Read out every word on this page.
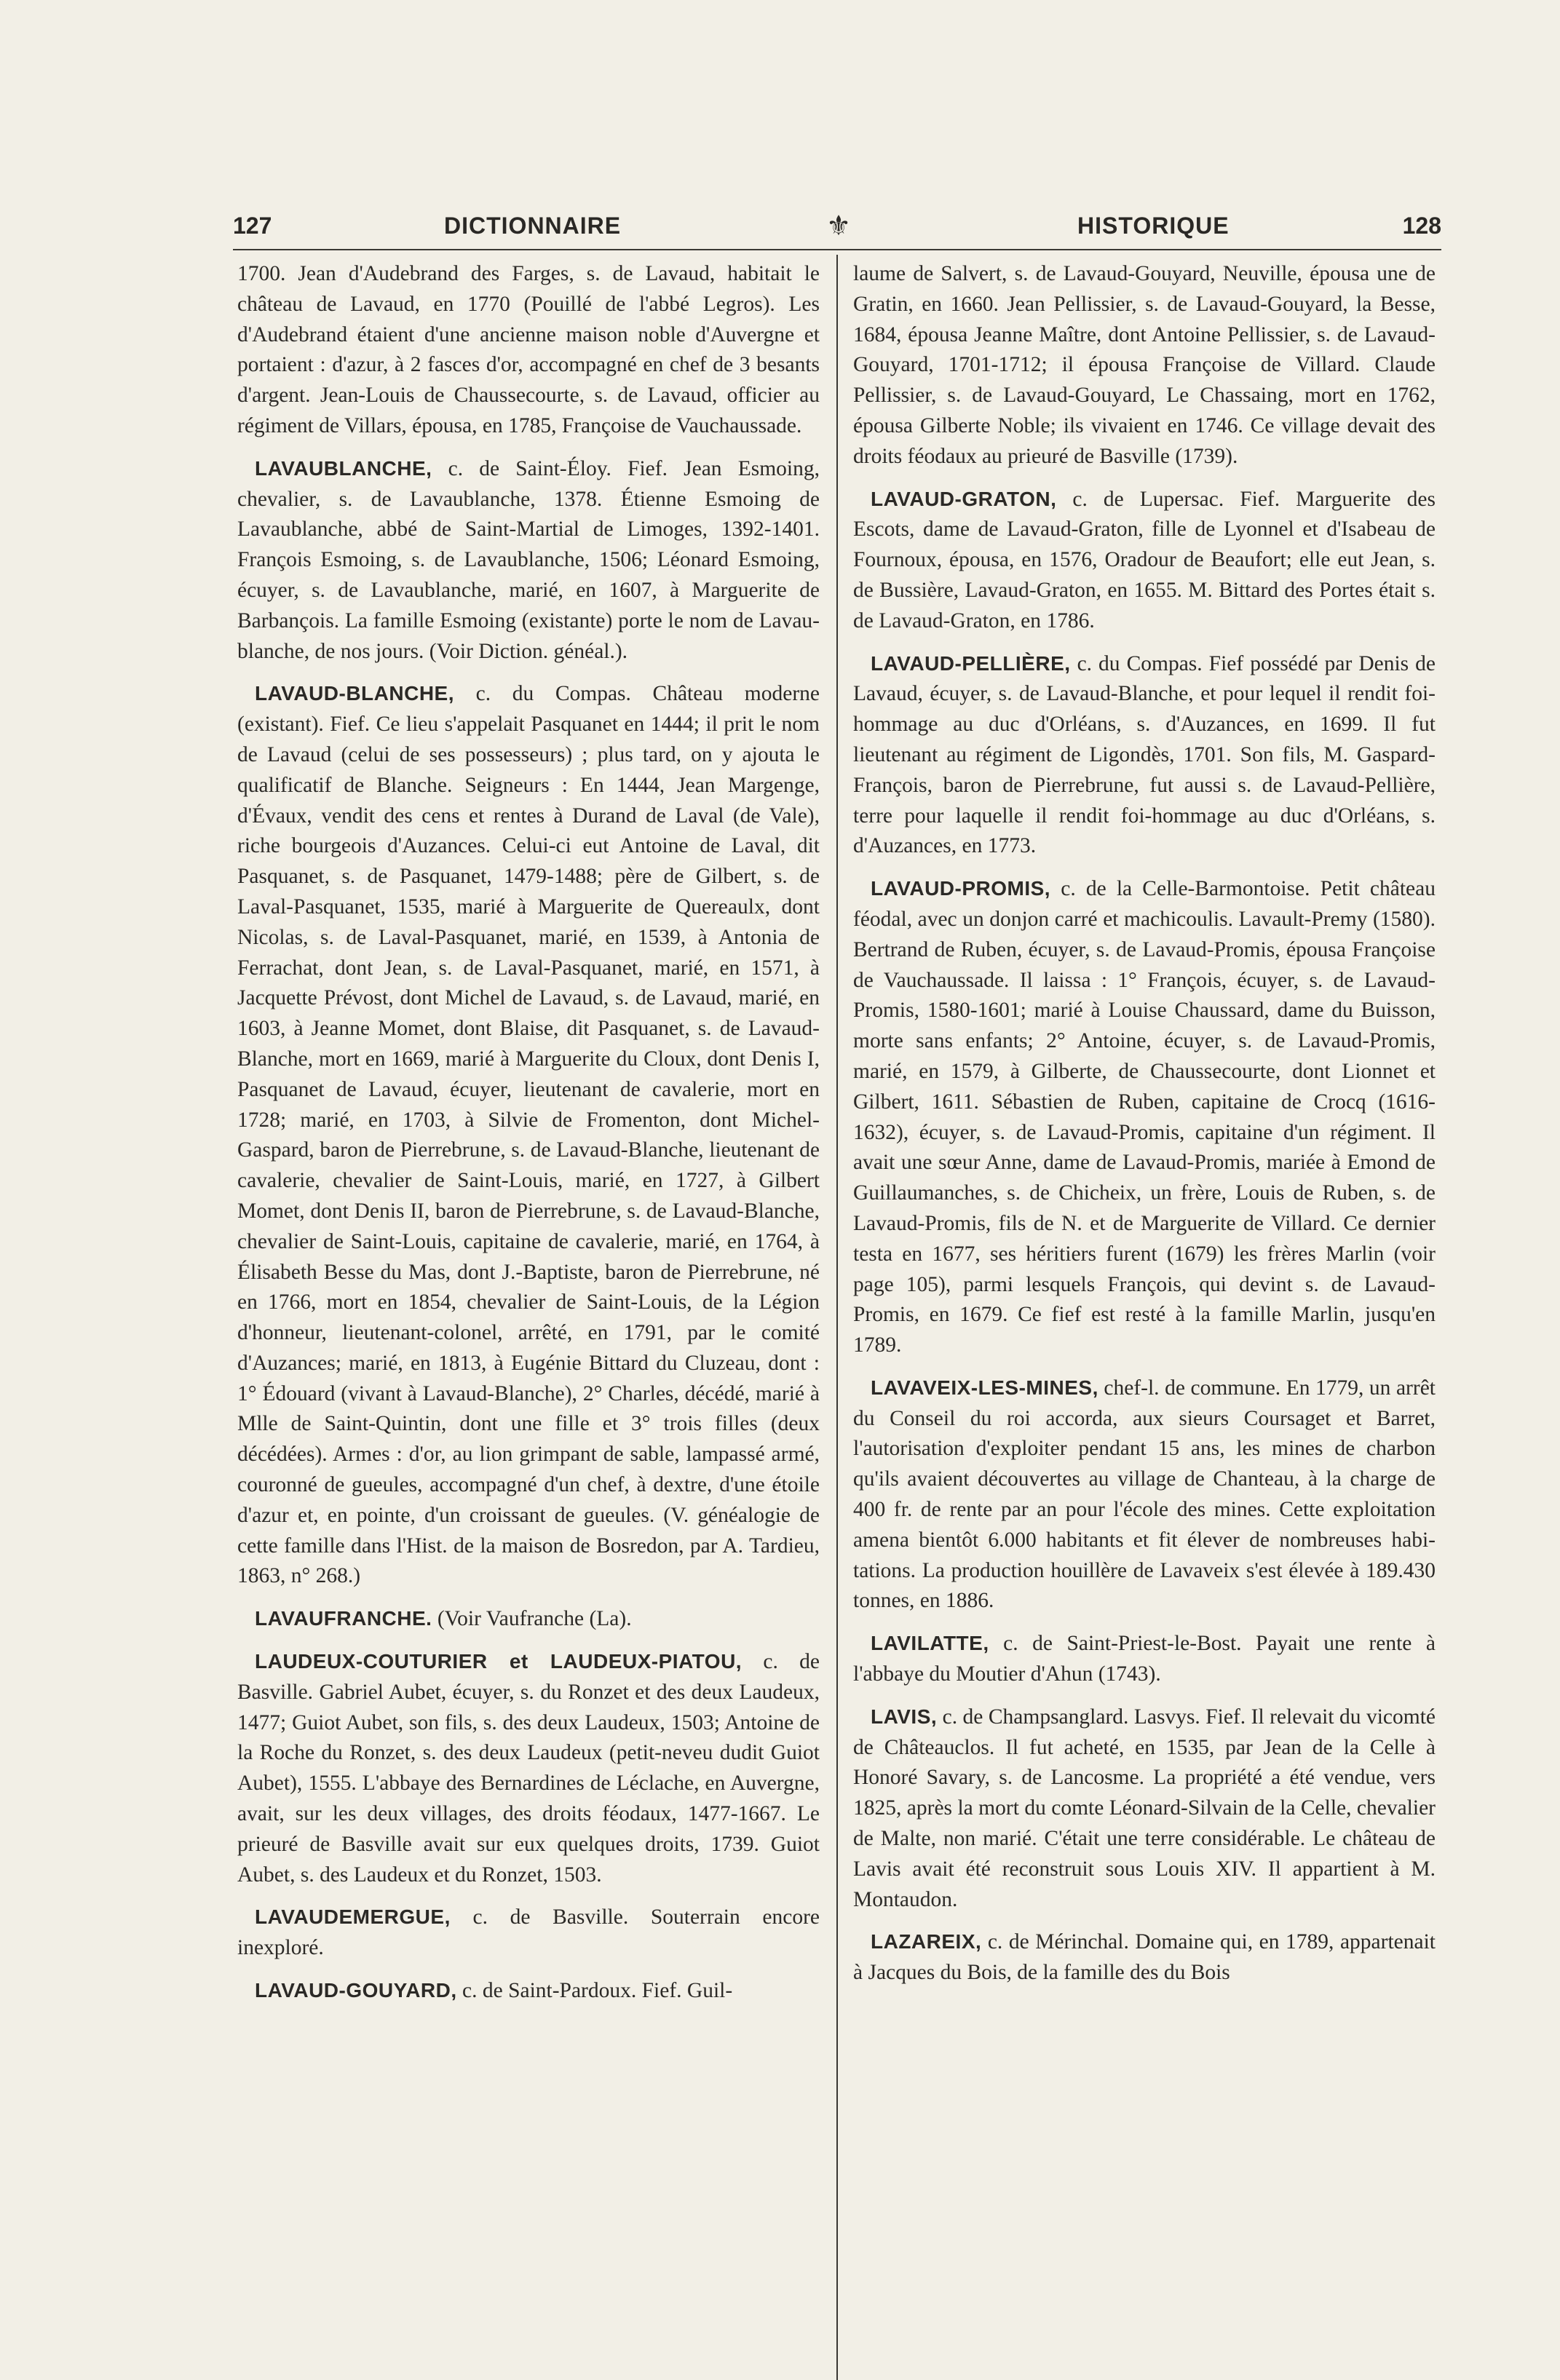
127	DICTIONNAIRE	⚜	HISTORIQUE	128

1700. Jean d'Audebrand des Farges, s. de Lavaud, habitait le château de Lavaud, en 1770 (Pouillé de l'abbé Legros). Les d'Audebrand étaient d'une ancienne maison noble d'Auvergne et portaient : d'azur, à 2 fasces d'or, accompagné en chef de 3 besants d'argent. Jean-Louis de Chaussecourte, s. de Lavaud, officier au régiment de Villars, épousa, en 1785, Françoise de Vauchaussade.

LAVAUBLANCHE, c. de Saint-Éloy. Fief. Jean Esmoing, chevalier, s. de Lavaublanche, 1378. Étienne Esmoing de Lavaublanche, abbé de Saint-Martial de Limoges, 1392-1401. François Esmoing, s. de Lavaublanche, 1506; Léonard Esmoing, écuyer, s. de Lavaublanche, marié, en 1607, à Marguerite de Barbançois. La famille Esmoing (existante) porte le nom de Lavaublanche, de nos jours. (Voir Diction. généal.).

LAVAUD-BLANCHE, c. du Compas. Château moderne (existant). Fief. Ce lieu s'appelait Pasquanet en 1444; il prit le nom de Lavaud (celui de ses possesseurs) ; plus tard, on y ajouta le qualificatif de Blanche. Seigneurs : En 1444, Jean Margenge, d'Évaux, vendit des cens et rentes à Durand de Laval (de Vale), riche bourgeois d'Auzances. Celui-ci eut Antoine de Laval, dit Pasquanet, s. de Pasquanet, 1479-1488; père de Gilbert, s. de Laval-Pasquanet, 1535, marié à Marguerite de Quereaulx, dont Nicolas, s. de Laval-Pasquanet, marié, en 1539, à Antonia de Ferrachat, dont Jean, s. de Laval-Pasquanet, marié, en 1571, à Jacquette Prévost, dont Michel de Lavaud, s. de Lavaud, marié, en 1603, à Jeanne Momet, dont Blaise, dit Pasquanet, s. de Lavaud-Blanche, mort en 1669, marié à Marguerite du Cloux, dont Denis I, Pasquanet de Lavaud, écuyer, lieutenant de cavalerie, mort en 1728; marié, en 1703, à Silvie de Fromenton, dont Michel-Gaspard, baron de Pierrebrune, s. de Lavaud-Blanche, lieutenant de cavalerie, chevalier de Saint-Louis, marié, en 1727, à Gilbert Momet, dont Denis II, baron de Pierrebrune, s. de Lavaud-Blanche, chevalier de Saint-Louis, capitaine de cavalerie, marié, en 1764, à Élisabeth Besse du Mas, dont J.-Baptiste, baron de Pierrebrune, né en 1766, mort en 1854, chevalier de Saint-Louis, de la Légion d'honneur, lieutenant-colonel, arrêté, en 1791, par le comité d'Auzances; marié, en 1813, à Eugénie Bittard du Cluzeau, dont : 1° Édouard (vivant à Lavaud-Blanche), 2° Charles, décédé, marié à Mlle de Saint-Quintin, dont une fille et 3° trois filles (deux décédées). Armes : d'or, au lion grimpant de sable, lampassé armé, couronné de gueules, accompagné d'un chef, à dextre, d'une étoile d'azur et, en pointe, d'un croissant de gueules. (V. généalogie de cette famille dans l'Hist. de la maison de Bosredon, par A. Tardieu, 1863, n° 268.)

LAVAUFRANCHE. (Voir Vaufranche (La).

LAUDEUX-COUTURIER et LAUDEUX-PIATOU, c. de Basville. Gabriel Aubet, écuyer, s. du Ronzet et des deux Laudeux, 1477; Guiot Aubet, son fils, s. des deux Laudeux, 1503; Antoine de la Roche du Ronzet, s. des deux Laudeux (petit-neveu dudit Guiot Aubet), 1555. L'abbaye des Bernardines de Léclache, en Auvergne, avait, sur les deux villages, des droits féodaux, 1477-1667. Le prieuré de Basville avait sur eux quelques droits, 1739. Guiot Aubet, s. des Laudeux et du Ronzet, 1503.

LAVAUDEMERGUE, c. de Basville. Souterrain encore inexploré.

LAVAUD-GOUYARD, c. de Saint-Pardoux. Fief. Guil-

laume de Salvert, s. de Lavaud-Gouyard, Neuville, épousa une de Gratin, en 1660. Jean Pellissier, s. de Lavaud-Gouyard, la Besse, 1684, épousa Jeanne Maître, dont Antoine Pellissier, s. de Lavaud-Gouyard, 1701-1712; il épousa Françoise de Villard. Claude Pellissier, s. de Lavaud-Gouyard, Le Chassaing, mort en 1762, épousa Gilberte Noble; ils vivaient en 1746. Ce village devait des droits féodaux au prieuré de Basville (1739).

LAVAUD-GRATON, c. de Lupersac. Fief. Marguerite des Escots, dame de Lavaud-Graton, fille de Lyonnel et d'Isabeau de Fournoux, épousa, en 1576, Oradour de Beaufort; elle eut Jean, s. de Bussière, Lavaud-Graton, en 1655. M. Bittard des Portes était s. de Lavaud-Graton, en 1786.

LAVAUD-PELLIÈRE, c. du Compas. Fief possédé par Denis de Lavaud, écuyer, s. de Lavaud-Blanche, et pour lequel il rendit foi-hommage au duc d'Orléans, s. d'Auzances, en 1699. Il fut lieutenant au régiment de Ligondès, 1701. Son fils, M. Gaspard-François, baron de Pierrebrune, fut aussi s. de Lavaud-Pellière, terre pour laquelle il rendit foi-hommage au duc d'Orléans, s. d'Auzances, en 1773.

LAVAUD-PROMIS, c. de la Celle-Barmontoise. Petit château féodal, avec un donjon carré et machicoulis. Lavault-Premy (1580). Bertrand de Ruben, écuyer, s. de Lavaud-Promis, épousa Françoise de Vauchaussade. Il laissa : 1° François, écuyer, s. de Lavaud-Promis, 1580-1601; marié à Louise Chaussard, dame du Buisson, morte sans enfants; 2° Antoine, écuyer, s. de Lavaud-Promis, marié, en 1579, à Gilberte, de Chaussecourte, dont Lionnet et Gilbert, 1611. Sébastien de Ruben, capitaine de Crocq (1616-1632), écuyer, s. de Lavaud-Promis, capitaine d'un régiment. Il avait une sœur Anne, dame de Lavaud-Promis, mariée à Emond de Guillaumanches, s. de Chicheix, un frère, Louis de Ruben, s. de Lavaud-Promis, fils de N. et de Marguerite de Villard. Ce dernier testa en 1677, ses héritiers furent (1679) les frères Marlin (voir page 105), parmi lesquels François, qui devint s. de Lavaud-Promis, en 1679. Ce fief est resté à la famille Marlin, jusqu'en 1789.

LAVAVEIX-LES-MINES, chef-l. de commune. En 1779, un arrêt du Conseil du roi accorda, aux sieurs Coursaget et Barret, l'autorisation d'exploiter pendant 15 ans, les mines de charbon qu'ils avaient découvertes au village de Chanteau, à la charge de 400 fr. de rente par an pour l'école des mines. Cette exploitation amena bientôt 6.000 habitants et fit élever de nombreuses habitations. La production houillère de Lavaveix s'est élevée à 189.430 tonnes, en 1886.

LAVILATTE, c. de Saint-Priest-le-Bost. Payait une rente à l'abbaye du Moutier d'Ahun (1743).

LAVIS, c. de Champsanglard. Lasvys. Fief. Il relevait du vicomté de Châteauclos. Il fut acheté, en 1535, par Jean de la Celle à Honoré Savary, s. de Lancosme. La propriété a été vendue, vers 1825, après la mort du comte Léonard-Silvain de la Celle, chevalier de Malte, non marié. C'était une terre considérable. Le château de Lavis avait été reconstruit sous Louis XIV. Il appartient à M. Montaudon.

LAZAREIX, c. de Mérinchal. Domaine qui, en 1789, appartenait à Jacques du Bois, de la famille des du Bois
